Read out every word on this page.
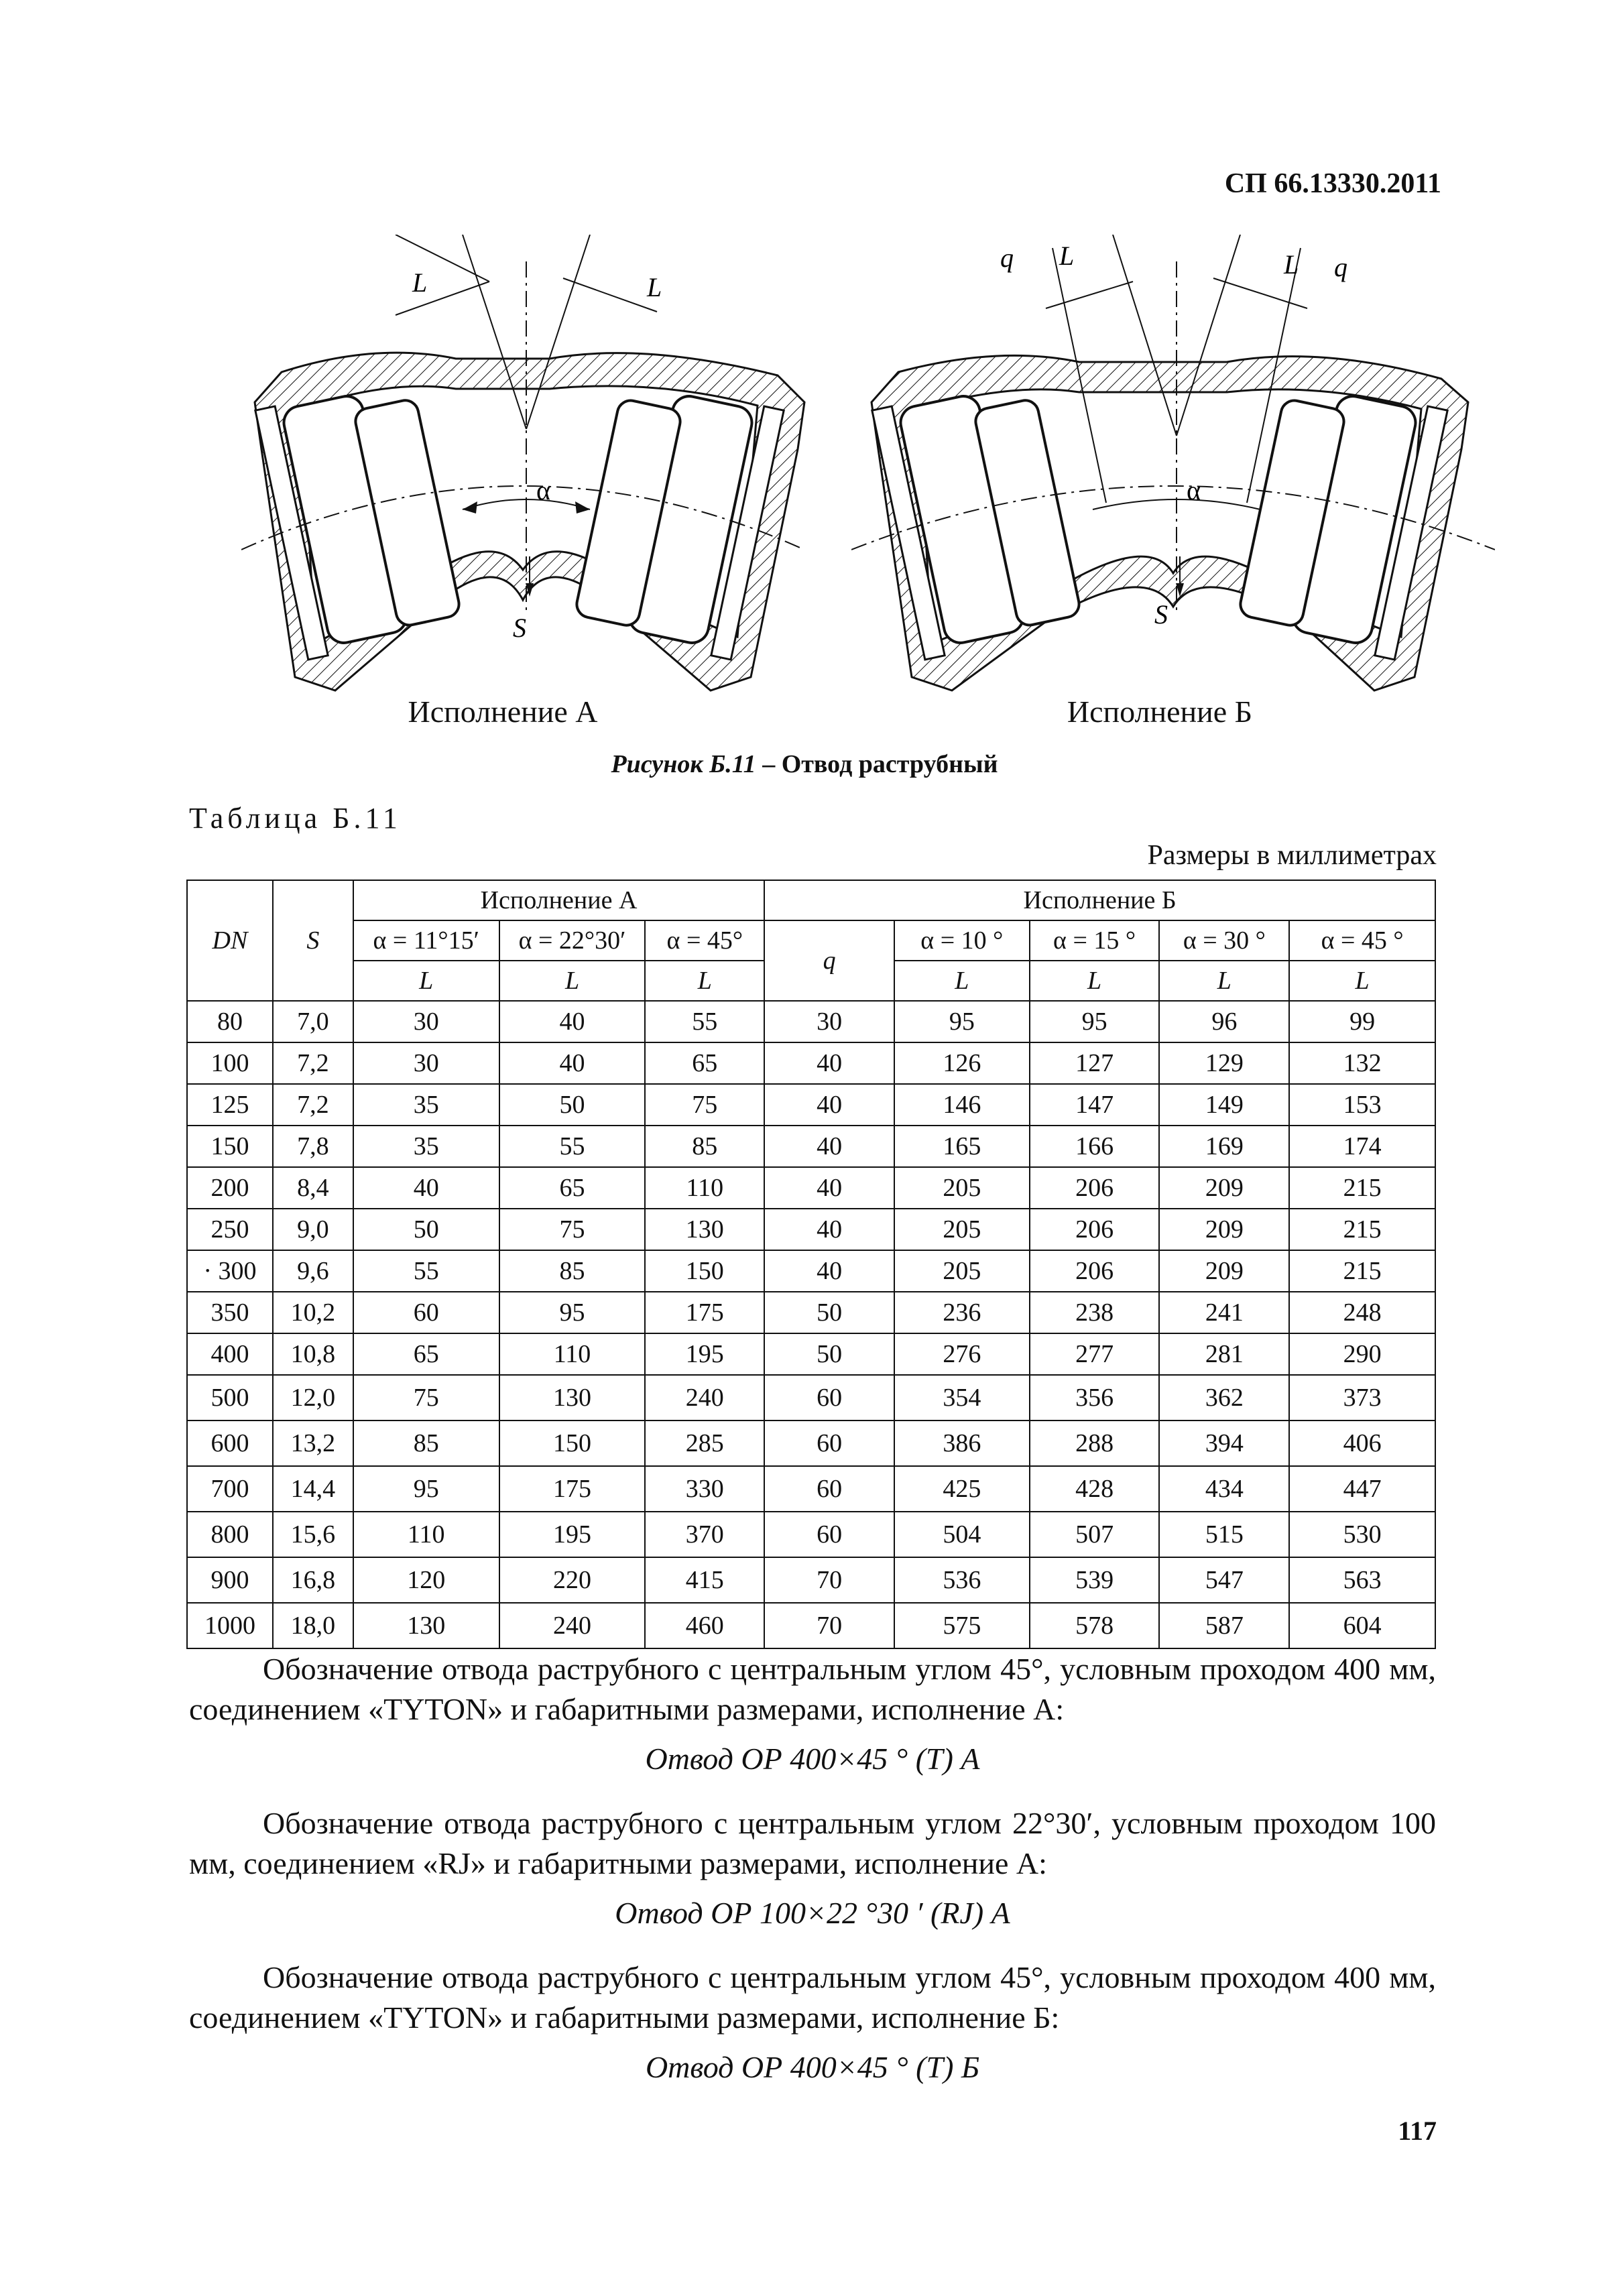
СП 66.13330.2011
L	L
α
S
q L	L q
α
S
Исполнение А	Исполнение Б
Рисунок Б.11 – Отвод раструбный
Таблица Б.11
Размеры в миллиметрах
DN	S	Исполнение А			Исполнение Б				
		α = 11°15′	α = 22°30′	α = 45°	q	α = 10 °	α = 15 °	α = 30 °	α = 45 °
		L	L	L		L	L	L	L
80	7,0	30	40	55	30	95	95	96	99
100	7,2	30	40	65	40	126	127	129	132
125	7,2	35	50	75	40	146	147	149	153
150	7,8	35	55	85	40	165	166	169	174
200	8,4	40	65	110	40	205	206	209	215
250	9,0	50	75	130	40	205	206	209	215
· 300	9,6	55	85	150	40	205	206	209	215
350	10,2	60	95	175	50	236	238	241	248
400	10,8	65	110	195	50	276	277	281	290
500	12,0	75	130	240	60	354	356	362	373
600	13,2	85	150	285	60	386	288	394	406
700	14,4	95	175	330	60	425	428	434	447
800	15,6	110	195	370	60	504	507	515	530
900	16,8	120	220	415	70	536	539	547	563
1000	18,0	130	240	460	70	575	578	587	604
Обозначение отвода раструбного с центральным углом 45°, условным проходом 400 мм, соединением «TYTON» и габаритными размерами, исполнение А:
Отвод ОР 400×45 ° (Т) А
Обозначение отвода раструбного с центральным углом 22°30′, условным проходом 100 мм, соединением «RJ» и габаритными размерами, исполнение А:
Отвод ОР 100×22 °30 ′ (RJ) А
Обозначение отвода раструбного с центральным углом 45°, условным проходом 400 мм, соединением «TYTON» и габаритными размерами, исполнение Б:
Отвод ОР 400×45 ° (Т) Б
117
